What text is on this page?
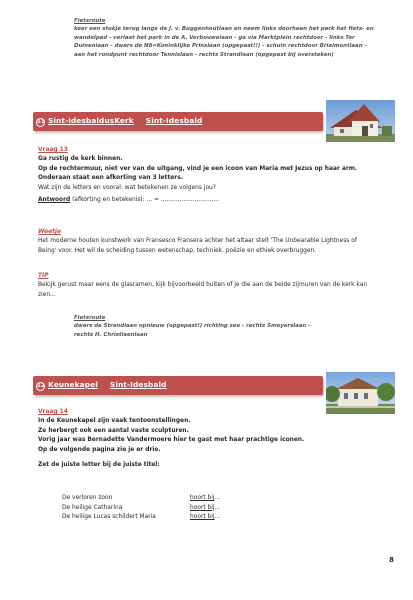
Fietsroute
keer een stukje terug langs de J. v. Buggenhoutlaan en neem links doorheen het park het fiets- en
wandelpad - verlaat het park in de A. Verbouwelaan - ga via Marktplein rechtdoor - links Ter
Duinenlaan - dwars de N8=Koninklijke Prinslaan (opgepast!!) - schuin rechtdoor Brialmontlaan -
aan het rondpunt rechtdoor Tennislaan - rechts Strandlaan (opgepast bij oversteken)
11 Sint-idesbaldusKerk Sint-Idesbald
Vraag 13
Ga rustig de kerk binnen.
Op de rechtermuur, niet ver van de uitgang, vind je een icoon van Maria met Jezus op haar arm.
Onderaan staat een afkorting van 3 letters.
Wat zijn de letters en vooral: wat betekenen ze volgens jou?
Antwoord (afkorting en betekenis): ... = ...............................
Weetje
Het moderne houten kunstwerk van Fransesco Fransera achter het altaar stelt 'The Unbearable Lightness of
Being' voor. Het wil de scheiding tussen wetenschap, techniek, poëzie en ethiek overbruggen.
TIP
Bekijk gerust maar eens de glasramen, kijk bijvoorbeeld buiten of je die aan de beide zijmuren van de kerk kan
zien...
Fietsroute
dwars de Strandlaan opnieuw (opgepast!) richting zee - rechts Smeyerslaan -
rechts H. Christiaenlaan
12 Keunekapel Sint-Idesbald
Vraag 14
In de Keunekapel zijn vaak tentoonstellingen.
Ze herbergt ook een aantal vaste sculpturen.
Vorig jaar was Bernadette Vandermoere hier te gast met haar prachtige iconen.
Op de volgende pagina zie je er drie.
Zet de juiste letter bij de juiste titel:
De verloren zoon	hoort bij ...
De heilige Catharina	hoort bij ...
De heilige Lucas schildert Maria	hoort bij ...
8
